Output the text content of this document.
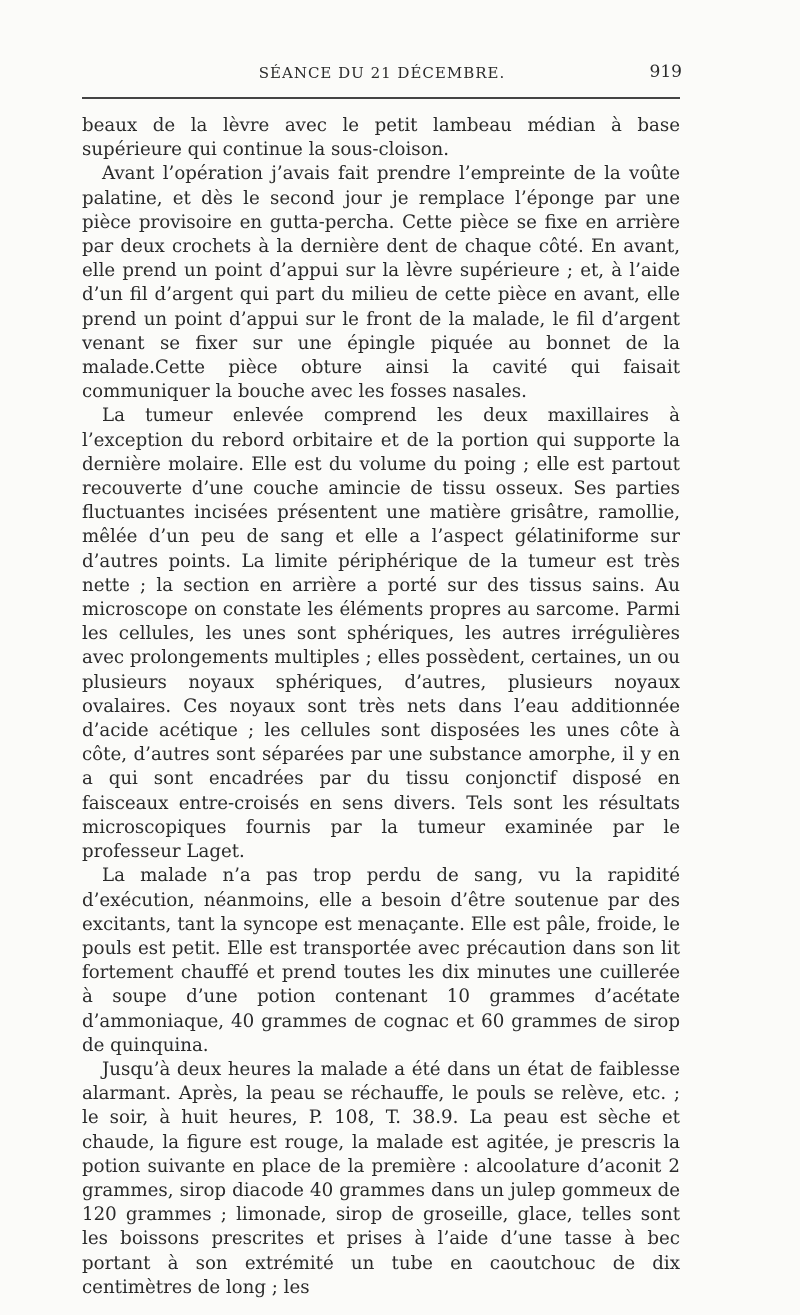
SÉANCE DU 21 DÉCEMBRE.	919

beaux de la lèvre avec le petit lambeau médian à base supérieure qui continue la sous-cloison.

Avant l’opération j’avais fait prendre l’empreinte de la voûte palatine, et dès le second jour je remplace l’éponge par une pièce provisoire en gutta-percha. Cette pièce se fixe en arrière par deux crochets à la dernière dent de chaque côté. En avant, elle prend un point d’appui sur la lèvre supérieure ; et, à l’aide d’un fil d’argent qui part du milieu de cette pièce en avant, elle prend un point d’appui sur le front de la malade, le fil d’argent venant se fixer sur une épingle piquée au bonnet de la malade.Cette pièce obture ainsi la cavité qui faisait communiquer la bouche avec les fosses nasales.

La tumeur enlevée comprend les deux maxillaires à l’exception du rebord orbitaire et de la portion qui supporte la dernière molaire. Elle est du volume du poing ; elle est partout recouverte d’une couche amincie de tissu osseux. Ses parties fluctuantes incisées présentent une matière grisâtre, ramollie, mêlée d’un peu de sang et elle a l’aspect gélatiniforme sur d’autres points. La limite périphérique de la tumeur est très nette ; la section en arrière a porté sur des tissus sains. Au microscope on constate les éléments propres au sarcome. Parmi les cellules, les unes sont sphériques, les autres irrégulières avec prolongements multiples ; elles possèdent, certaines, un ou plusieurs noyaux sphériques, d’autres, plusieurs noyaux ovalaires. Ces noyaux sont très nets dans l’eau additionnée d’acide acétique ; les cellules sont disposées les unes côte à côte, d’autres sont séparées par une substance amorphe, il y en a qui sont encadrées par du tissu conjonctif disposé en faisceaux entre-croisés en sens divers. Tels sont les résultats microscopiques fournis par la tumeur examinée par le professeur Laget.

La malade n’a pas trop perdu de sang, vu la rapidité d’exécution, néanmoins, elle a besoin d’être soutenue par des excitants, tant la syncope est menaçante. Elle est pâle, froide, le pouls est petit. Elle est transportée avec précaution dans son lit fortement chauffé et prend toutes les dix minutes une cuillerée à soupe d’une potion contenant 10 grammes d’acétate d’ammoniaque, 40 grammes de cognac et 60 grammes de sirop de quinquina.

Jusqu’à deux heures la malade a été dans un état de faiblesse alarmant. Après, la peau se réchauffe, le pouls se relève, etc. ; le soir, à huit heures, P. 108, T. 38.9. La peau est sèche et chaude, la figure est rouge, la malade est agitée, je prescris la potion suivante en place de la première : alcoolature d’aconit 2 grammes, sirop diacode 40 grammes dans un julep gommeux de 120 grammes ; limonade, sirop de groseille, glace, telles sont les boissons prescrites et prises à l’aide d’une tasse à bec portant à son extrémité un tube en caoutchouc de dix centimètres de long ; les
